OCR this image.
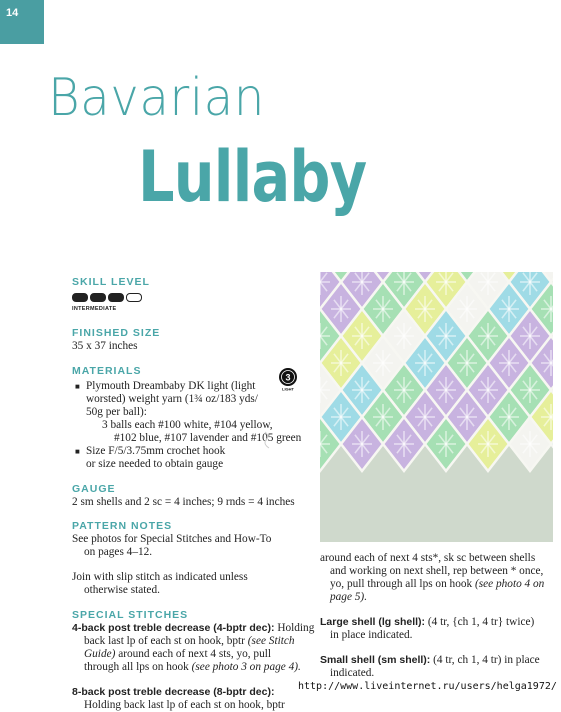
14
Bavarian
Lullaby

SKILL LEVEL

INTERMEDIATE

FINISHED SIZE

35 x 37 inches

MATERIALS

■ Plymouth Dreambaby DK light (light
worsted) weight yarn (1¾ oz/183 yds/
50g per ball):
3 balls each #100 white, #104 yellow,
#102 blue, #107 lavender and #105 green
■ Size F/5/3.75mm crochet hook
or size needed to obtain gauge

GAUGE

2 sm shells and 2 sc = 4 inches; 9 rnds = 4 inches

PATTERN NOTES

See photos for Special Stitches and How-To
on pages 4–12.

Join with slip stitch as indicated unless
otherwise stated.

SPECIAL STITCHES

4-back post treble decrease (4-bptr dec): Holding
back last lp of each st on hook, bptr (see Stitch
Guide) around each of next 4 sts, yo, pull
through all lps on hook (see photo 3 on page 4).

8-back post treble decrease (8-bptr dec):
Holding back last lp of each st on hook, bptr

3
LIGHT

around each of next 4 sts*, sk sc between shells
and working on next shell, rep between * once,
yo, pull through all lps on hook (see photo 4 on
page 5).

Large shell (lg shell): (4 tr, {ch 1, 4 tr} twice)
in place indicated.

Small shell (sm shell): (4 tr, ch 1, 4 tr) in place
indicated.

http://www.liveinternet.ru/users/helga1972/
